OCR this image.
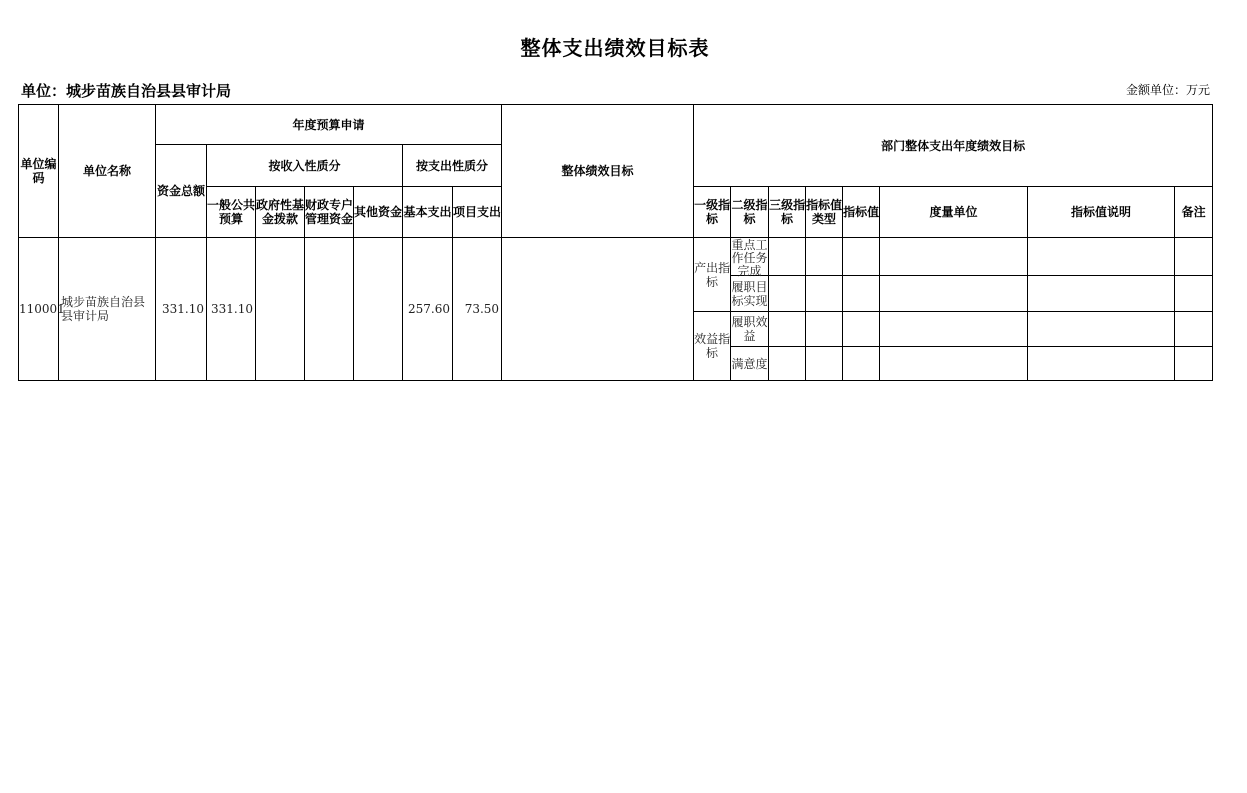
整体支出绩效目标表
单位：城步苗族自治县县审计局	金额单位：万元
单位编码	单位名称	年度预算申请							整体绩效目标	部门整体支出年度绩效目标							
		资金总额	按收入性质分				按支出性质分										
			一般公共预算	政府性基金拨款	财政专户管理资金	其他资金	基本支出	项目支出		一级指标	二级指标	三级指标	指标值类型	指标值	度量单位	指标值说明	备注
110001	城步苗族自治县县审计局	331.10	331.10				257.60	73.50		产出指标	重点工作任务完成						

											履职目标实现						
										效益指标	履职效益						
											满意度						
